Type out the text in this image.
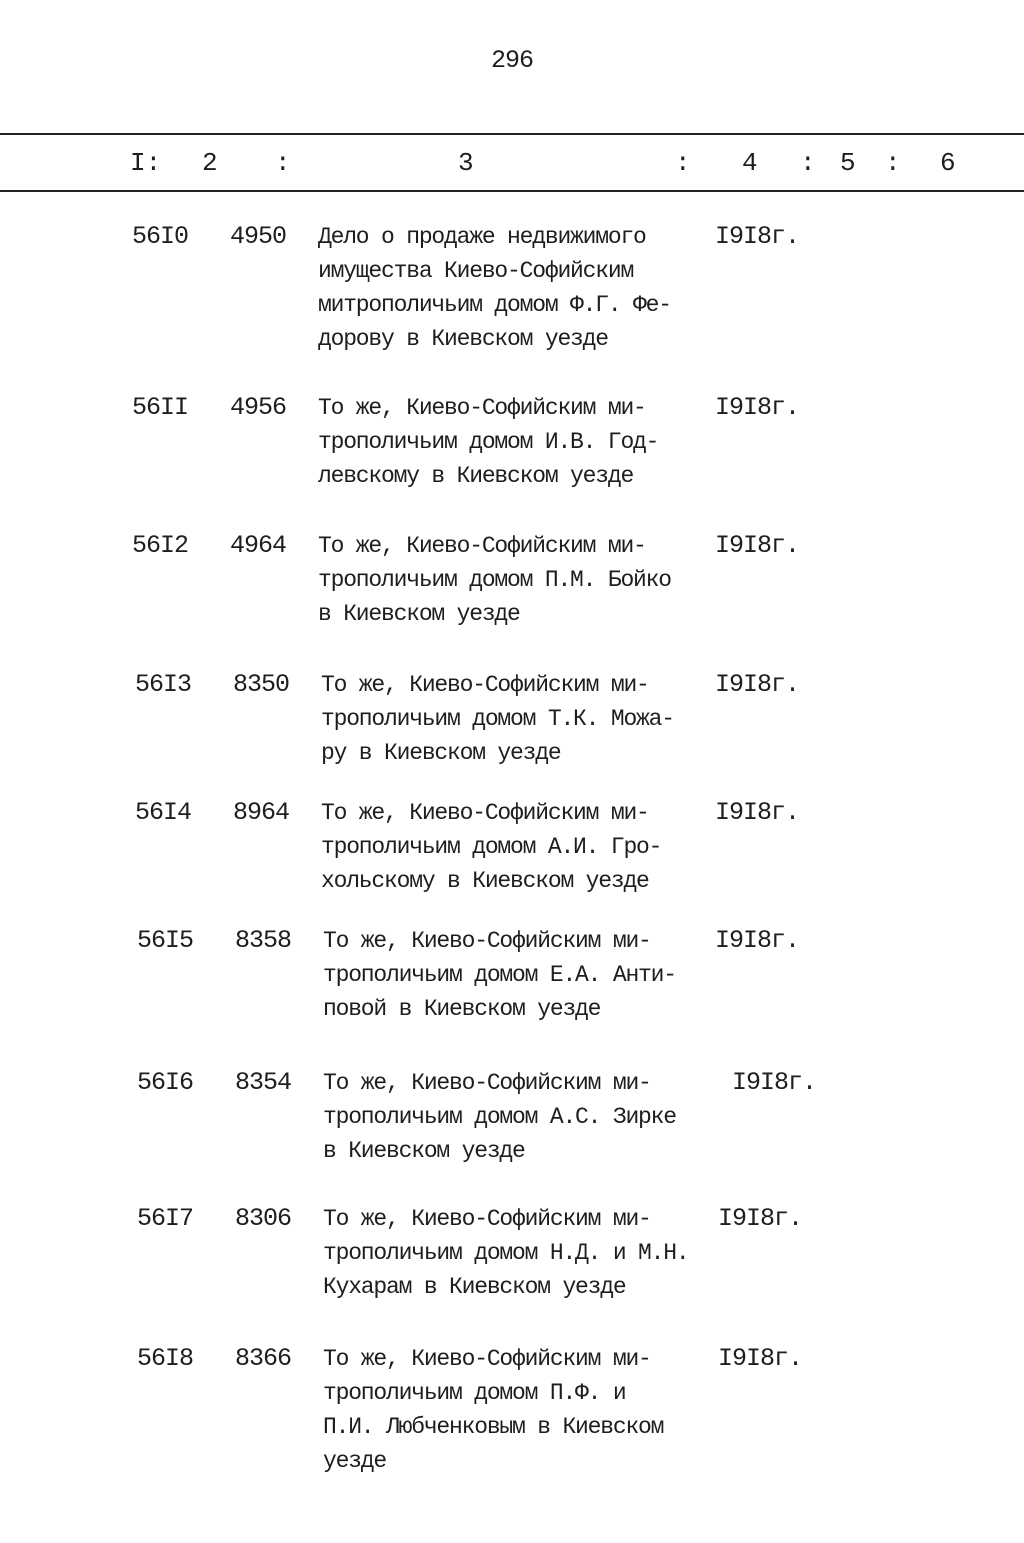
296
I: 2 :	3	: 4 : 5 : 6
56I0 4950 Дело о продаже недвижимого
имущества Киево-Софийским
митрополичьим домом Ф.Г. Фе-
дорову в Киевском уезде
I9I8г.
56II 4956 То же, Киево-Софийским ми-
трополичьим домом И.В. Год-
левскому в Киевском уезде
I9I8г.
56I2 4964 То же, Киево-Софийским ми-
трополичьим домом П.М. Бойко
в Киевском уезде
I9I8г.
56I3 8350 То же, Киево-Софийским ми-
трополичьим домом Т.К. Можа-
ру в Киевском уезде
I9I8г.
56I4 8964 То же, Киево-Софийским ми-
трополичьим домом А.И. Гро-
хольскому в Киевском уезде
I9I8г.
56I5 8358 То же, Киево-Софийским ми-
трополичьим домом Е.А. Анти-
повой в Киевском уезде
I9I8г.
56I6 8354 То же, Киево-Софийским ми-
трополичьим домом А.С. Зирке
в Киевском уезде
I9I8г.
56I7 8306 То же, Киево-Софийским ми-
трополичьим домом Н.Д. и М.Н.
Кухарам в Киевском уезде
I9I8г.
56I8 8366 То же, Киево-Софийским ми-
трополичьим домом П.Ф. и
П.И. Любченковым в Киевском
уезде
I9I8г.
